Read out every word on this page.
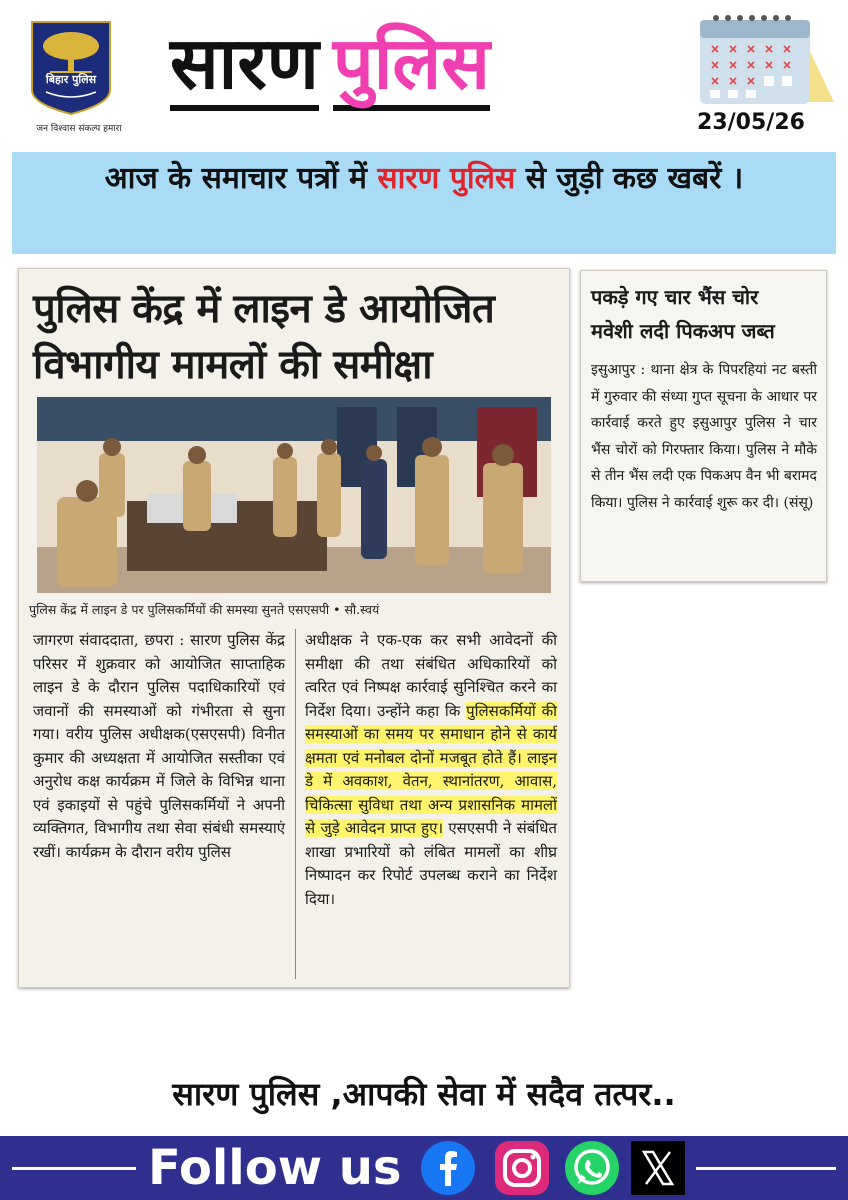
बिहार पुलिस
जन विश्वास संकल्प हमारा
सारण पुलिस
23/05/26
आज के समाचार पत्रों में सारण पुलिस से जुड़ी कछ खबरें ।
पुलिस केंद्र में लाइन डे आयोजित
विभागीय मामलों की समीक्षा
पुलिस केंद्र में लाइन डे पर पुलिसकर्मियों की समस्या सुनते एसएसपी • सौ.स्वयं
जागरण संवाददाता, छपरा : सारण पुलिस केंद्र परिसर में शुक्रवार को आयोजित साप्ताहिक लाइन डे के दौरान पुलिस पदाधिकारियों एवं जवानों की समस्याओं को गंभीरता से सुना गया। वरीय पुलिस अधीक्षक(एसएसपी) विनीत कुमार की अध्यक्षता में आयोजित सस्तीका एवं अनुरोध कक्ष कार्यक्रम में जिले के विभिन्न थाना एवं इकाइयों से पहुंचे पुलिसकर्मियों ने अपनी व्यक्तिगत, विभागीय तथा सेवा संबंधी समस्याएं रखीं। कार्यक्रम के दौरान वरीय पुलिस
अधीक्षक ने एक-एक कर सभी आवेदनों की समीक्षा की तथा संबंधित अधिकारियों को त्वरित एवं निष्पक्ष कार्रवाई सुनिश्चित करने का निर्देश दिया। उन्होंने कहा कि पुलिसकर्मियों की समस्याओं का समय पर समाधान होने से कार्य क्षमता एवं मनोबल दोनों मजबूत होते हैं। लाइन डे में अवकाश, वेतन, स्थानांतरण, आवास, चिकित्सा सुविधा तथा अन्य प्रशासनिक मामलों से जुड़े आवेदन प्राप्त हुए। एसएसपी ने संबंधित शाखा प्रभारियों को लंबित मामलों का शीघ्र निष्पादन कर रिपोर्ट उपलब्ध कराने का निर्देश दिया।
पकड़े गए चार भैंस चोर
मवेशी लदी पिकअप जब्त
इसुआपुर : थाना क्षेत्र के पिपरहियां नट बस्ती में गुरुवार की संध्या गुप्त सूचना के आधार पर कार्रवाई करते हुए इसुआपुर पुलिस ने चार भैंस चोरों को गिरफ्तार किया। पुलिस ने मौके से तीन भैंस लदी एक पिकअप वैन भी बरामद किया। पुलिस ने कार्रवाई शुरू कर दी। (संसू)
सारण पुलिस ,आपकी सेवा में सदैव तत्पर..
Follow us
